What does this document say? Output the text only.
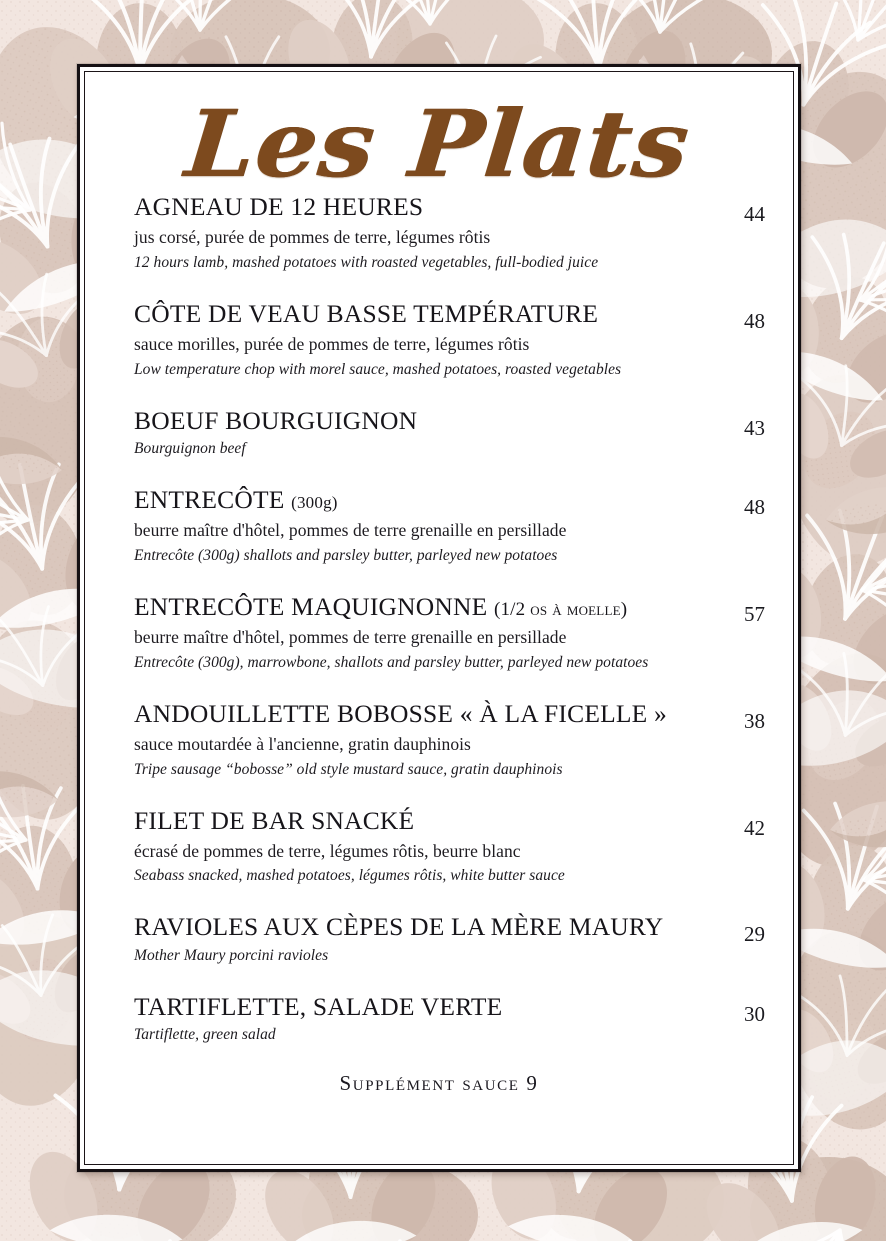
Les Plats
AGNEAU DE 12 HEURES	44
jus corsé, purée de pommes de terre, légumes rôtis
12 hours lamb, mashed potatoes with roasted vegetables, full-bodied juice
CÔTE DE VEAU BASSE TEMPÉRATURE	48
sauce morilles, purée de pommes de terre, légumes rôtis
Low temperature chop with morel sauce, mashed potatoes, roasted vegetables
BOEUF BOURGUIGNON	43
Bourguignon beef
ENTRECÔTE (300g)	48
beurre maître d'hôtel, pommes de terre grenaille en persillade
Entrecôte (300g) shallots and parsley butter, parleyed new potatoes
ENTRECÔTE MAQUIGNONNE (1/2 os à moelle)	57
beurre maître d'hôtel, pommes de terre grenaille en persillade
Entrecôte (300g), marrowbone, shallots and parsley butter, parleyed new potatoes
ANDOUILLETTE BOBOSSE « À LA FICELLE »	38
sauce moutardée à l'ancienne, gratin dauphinois
Tripe sausage “bobosse” old style mustard sauce, gratin dauphinois
FILET DE BAR SNACKÉ	42
écrasé de pommes de terre, légumes rôtis, beurre blanc
Seabass snacked, mashed potatoes, légumes rôtis, white butter sauce
RAVIOLES AUX CÈPES DE LA MÈRE MAURY	29
Mother Maury porcini ravioles
TARTIFLETTE, SALADE VERTE	30
Tartiflette, green salad
Supplément sauce 9
